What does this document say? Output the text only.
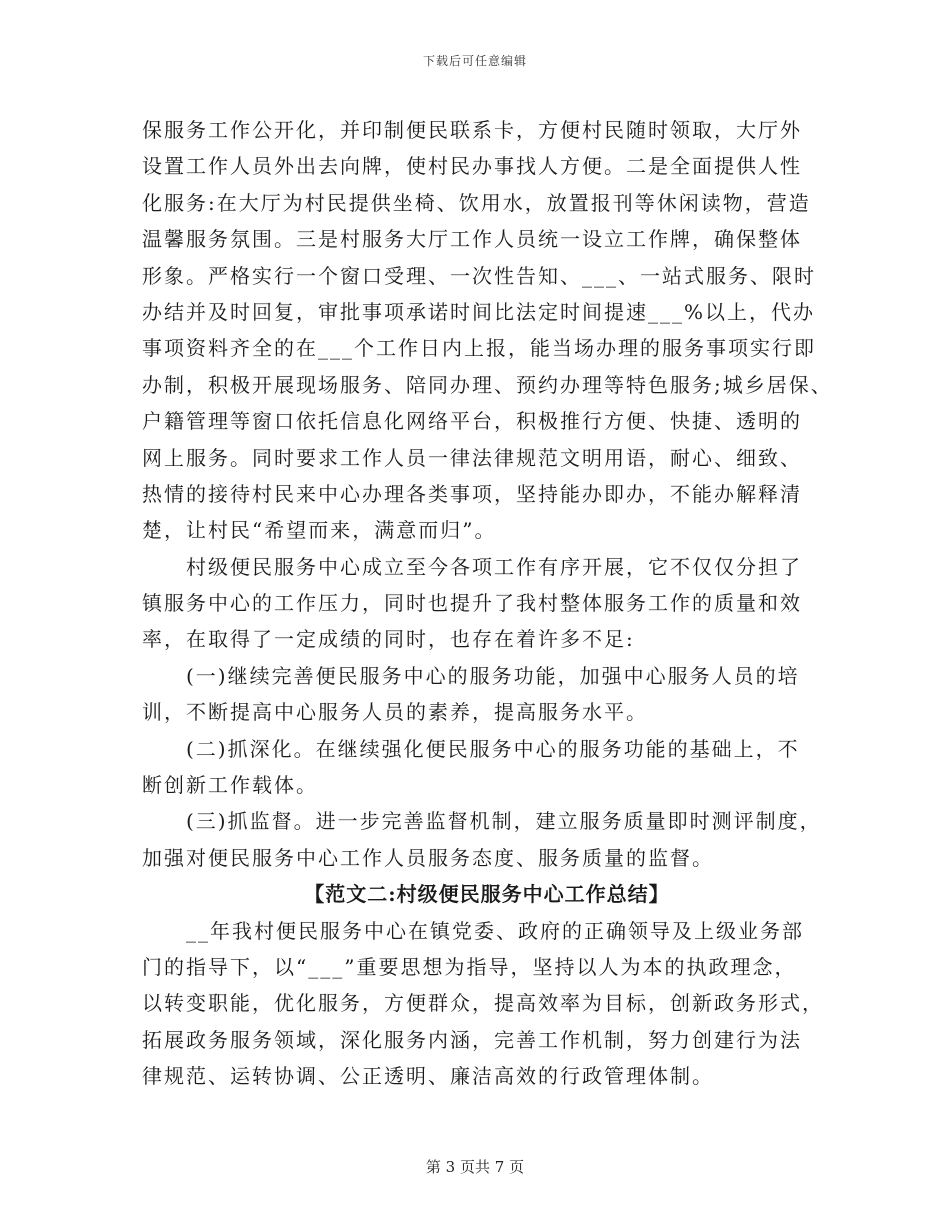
下载后可任意编辑
保服务工作公开化，并印制便民联系卡，方便村民随时领取，大厅外
设置工作人员外出去向牌，使村民办事找人方便。二是全面提供人性
化服务:在大厅为村民提供坐椅、饮用水，放置报刊等休闲读物，营造
温馨服务氛围。三是村服务大厅工作人员统一设立工作牌，确保整体
形象。严格实行一个窗口受理、一次性告知、___、一站式服务、限时
办结并及时回复，审批事项承诺时间比法定时间提速___%以上，代办
事项资料齐全的在___个工作日内上报，能当场办理的服务事项实行即
办制，积极开展现场服务、陪同办理、预约办理等特色服务;城乡居保、
户籍管理等窗口依托信息化网络平台，积极推行方便、快捷、透明的
网上服务。同时要求工作人员一律法律规范文明用语，耐心、细致、
热情的接待村民来中心办理各类事项，坚持能办即办，不能办解释清
楚，让村民“希望而来，满意而归”。
村级便民服务中心成立至今各项工作有序开展，它不仅仅分担了
镇服务中心的工作压力，同时也提升了我村整体服务工作的质量和效
率，在取得了一定成绩的同时，也存在着许多不足:
(一)继续完善便民服务中心的服务功能，加强中心服务人员的培
训，不断提高中心服务人员的素养，提高服务水平。
(二)抓深化。在继续强化便民服务中心的服务功能的基础上，不
断创新工作载体。
(三)抓监督。进一步完善监督机制，建立服务质量即时测评制度，
加强对便民服务中心工作人员服务态度、服务质量的监督。
【范文二:村级便民服务中心工作总结】
__年我村便民服务中心在镇党委、政府的正确领导及上级业务部
门的指导下，以“___”重要思想为指导，坚持以人为本的执政理念，
以转变职能，优化服务，方便群众，提高效率为目标，创新政务形式，
拓展政务服务领域，深化服务内涵，完善工作机制，努力创建行为法
律规范、运转协调、公正透明、廉洁高效的行政管理体制。
第 3 页共 7 页
